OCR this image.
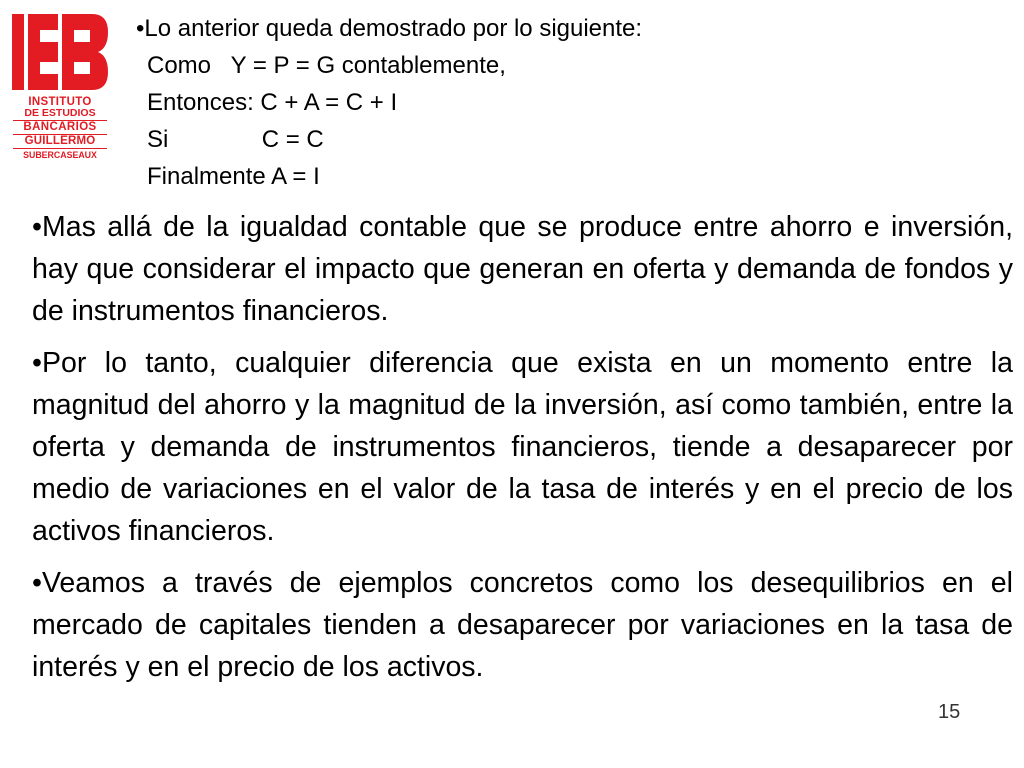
INSTITUTO
DE ESTUDIOS
BANCARIOS
GUILLERMO
SUBERCASEAUX
•Lo anterior queda demostrado por lo siguiente:
Como   Y = P = G contablemente,
Entonces: C + A = C + I
Si              C = C
Finalmente A = I

•Mas allá de la igualdad contable que se produce entre ahorro e inversión, hay que considerar el impacto que generan en oferta y demanda de fondos y de instrumentos financieros.

•Por lo tanto, cualquier diferencia que exista en un momento entre la magnitud del ahorro y la magnitud de la inversión, así como también, entre la oferta y demanda de instrumentos financieros, tiende a desaparecer por medio de variaciones en el valor de la tasa de interés y en el precio de los activos financieros.

•Veamos a través de ejemplos concretos como los desequilibrios en el mercado de capitales tienden a desaparecer por variaciones en la tasa de interés y en el precio de los activos.

15
